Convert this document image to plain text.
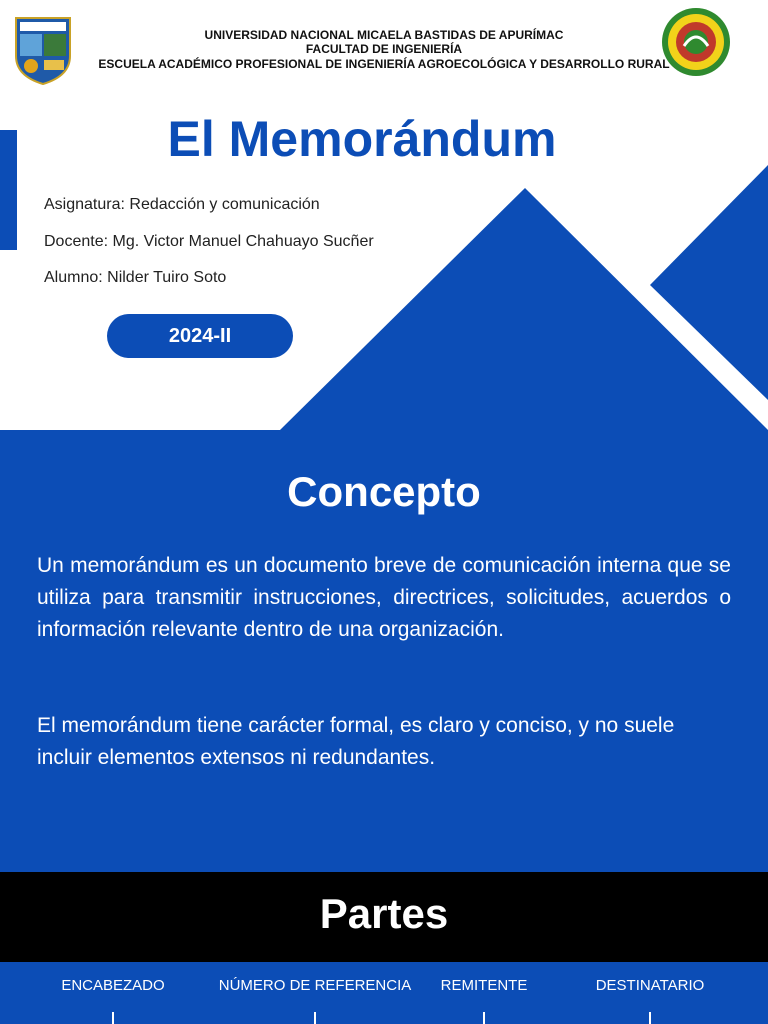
UNIVERSIDAD NACIONAL MICAELA BASTIDAS DE APURÍMAC
FACULTAD DE INGENIERÍA
ESCUELA ACADÉMICO PROFESIONAL DE INGENIERÍA AGROECOLÓGICA Y DESARROLLO RURAL
El Memorándum
Asignatura: Redacción y comunicación
Docente: Mg. Victor Manuel Chahuayo Sucñer
Alumno: Nilder Tuiro Soto
2024-II
Concepto
Un memorándum es un documento breve de comunicación interna que se utiliza para transmitir instrucciones, directrices, solicitudes, acuerdos o información relevante dentro de una organización.
El memorándum tiene carácter formal, es claro y conciso, y no suele incluir elementos extensos ni redundantes.
Partes
ENCABEZADO	NÚMERO DE REFERENCIA	REMITENTE	DESTINATARIO
